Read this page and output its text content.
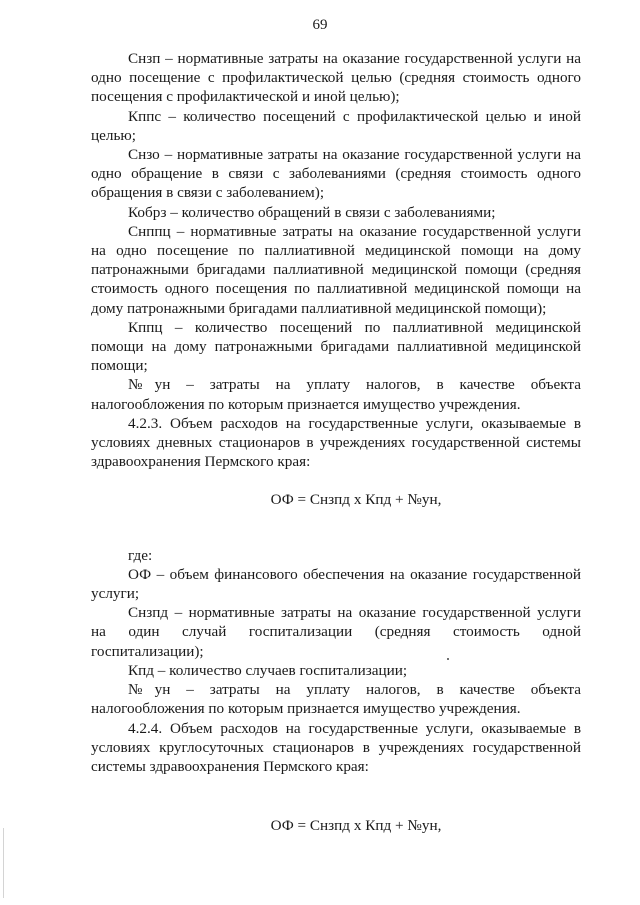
69

Снзп – нормативные затраты на оказание государственной услуги на одно посещение с профилактической целью (средняя стоимость одного посещения с профилактической и иной целью);

Кппс – количество посещений с профилактической целью и иной целью;

Снзо – нормативные затраты на оказание государственной услуги на одно обращение в связи с заболеваниями (средняя стоимость одного обращения в связи с заболеванием);

Кобрз – количество обращений в связи с заболеваниями;

Снппц – нормативные затраты на оказание государственной услуги на одно посещение по паллиативной медицинской помощи на дому патронажными бригадами паллиативной медицинской помощи (средняя стоимость одного посещения по паллиативной медицинской помощи на дому патронажными бригадами паллиативной медицинской помощи);

Кппц – количество посещений по паллиативной медицинской помощи на дому патронажными бригадами паллиативной медицинской помощи;

№ун – затраты на уплату налогов, в качестве объекта налогообложения по которым признается имущество учреждения.

4.2.3. Объем расходов на государственные услуги, оказываемые в условиях дневных стационаров в учреждениях государственной системы здравоохранения Пермского края:

ОФ = Снзпд х Кпд + №ун,

где:

ОФ – объем финансового обеспечения на оказание государственной услуги;

Снзпд – нормативные затраты на оказание государственной услуги на один случай госпитализации (средняя стоимость одной госпитализации);

Кпд – количество случаев госпитализации;

№ун – затраты на уплату налогов, в качестве объекта налогообложения по которым признается имущество учреждения.

4.2.4. Объем расходов на государственные услуги, оказываемые в условиях круглосуточных стационаров в учреждениях государственной системы здравоохранения Пермского края:

ОФ = Снзпд х Кпд + №ун,
